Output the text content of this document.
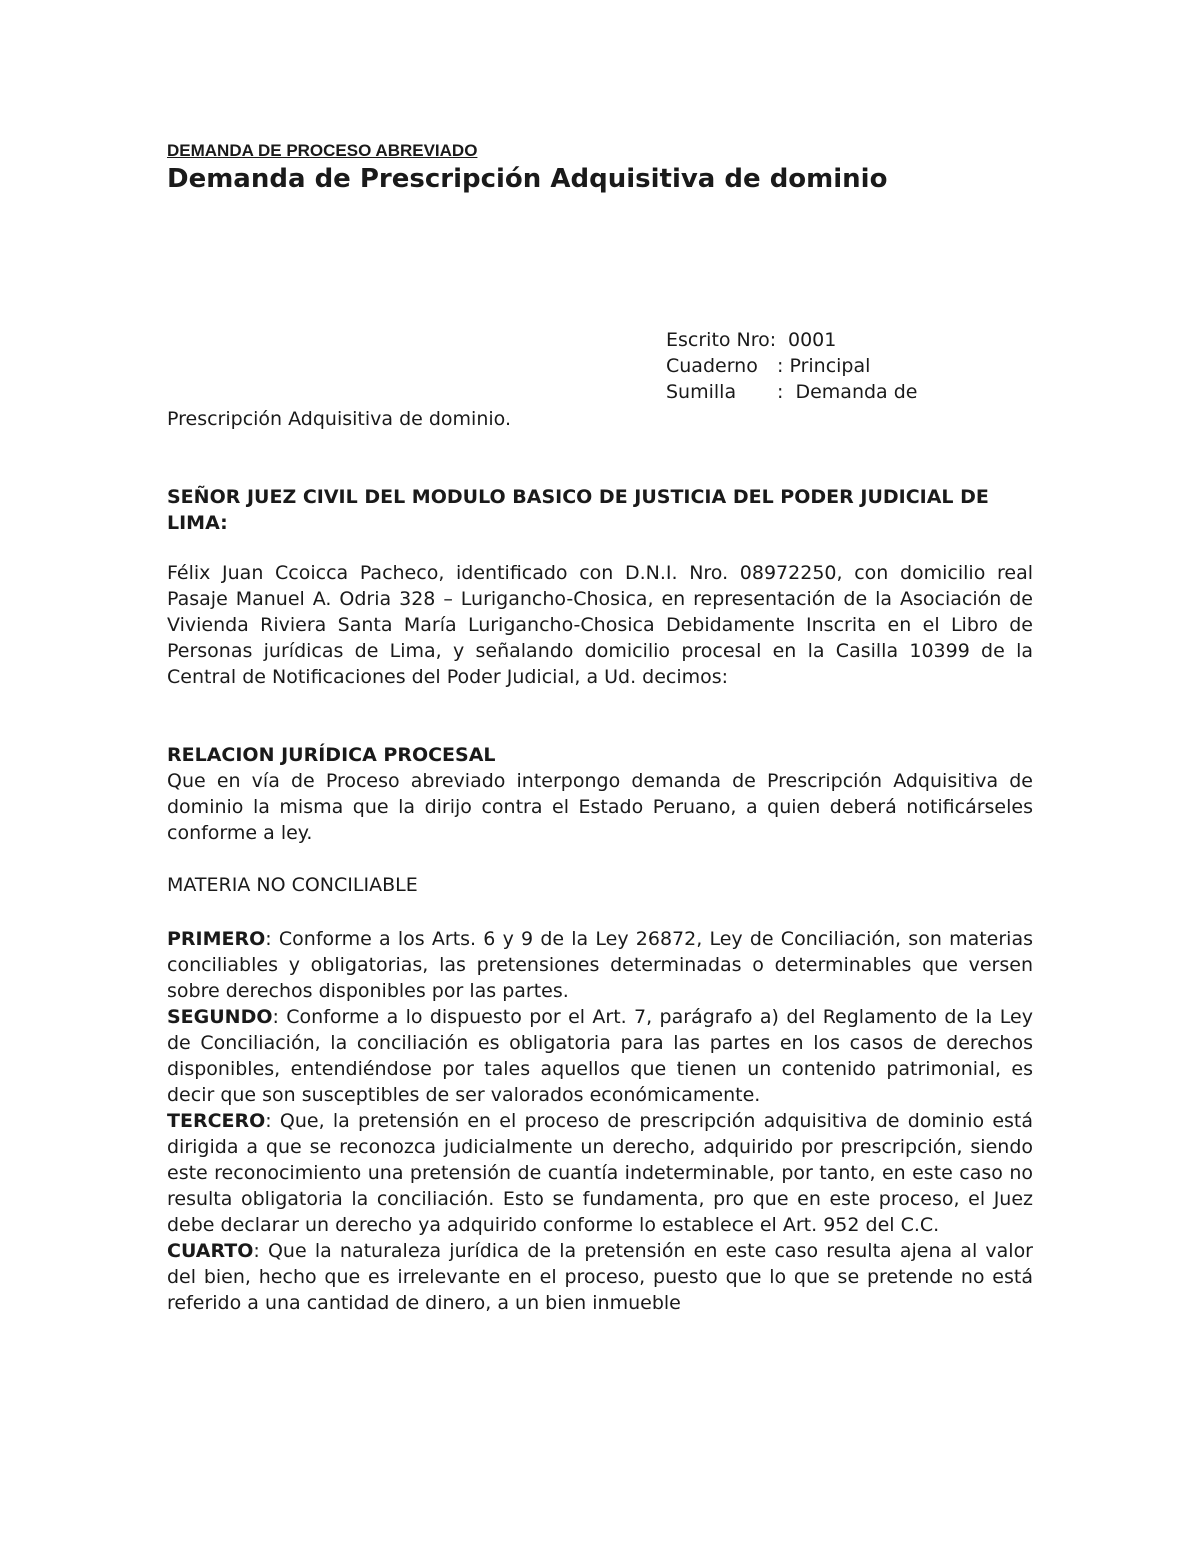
DEMANDA DE PROCESO ABREVIADO
Demanda de Prescripción Adquisitiva de dominio
Escrito Nro: 0001
Cuaderno : Principal
Sumilla :  Demanda de
Prescripción Adquisitiva de dominio.
SEÑOR JUEZ CIVIL DEL MODULO BASICO DE JUSTICIA DEL PODER JUDICIAL DE LIMA:
Félix Juan Ccoicca Pacheco, identificado con D.N.I. Nro. 08972250, con domicilio real Pasaje Manuel A. Odria 328 – Lurigancho-Chosica, en representación de la Asociación de Vivienda Riviera Santa María Lurigancho-Chosica Debidamente Inscrita en el Libro de Personas jurídicas de Lima, y señalando domicilio procesal en la Casilla 10399 de la Central de Notificaciones del Poder Judicial, a Ud. decimos:
RELACION JURÍDICA PROCESAL
Que en vía de Proceso abreviado interpongo demanda de Prescripción Adquisitiva de dominio la misma que la dirijo contra el Estado Peruano, a quien deberá notificárseles conforme a ley.
MATERIA NO CONCILIABLE

PRIMERO: Conforme a los Arts. 6 y 9 de la Ley 26872, Ley de Conciliación, son materias conciliables y obligatorias, las pretensiones determinadas o determinables que versen sobre derechos disponibles por las partes.

SEGUNDO: Conforme a lo dispuesto por el Art. 7, parágrafo a) del Reglamento de la Ley de Conciliación, la conciliación es obligatoria para las partes en los casos de derechos disponibles, entendiéndose por tales aquellos que tienen un contenido patrimonial, es decir que son susceptibles de ser valorados económicamente.

TERCERO: Que, la pretensión en el proceso de prescripción adquisitiva de dominio está dirigida a que se reconozca judicialmente un derecho, adquirido por prescripción, siendo este reconocimiento una pretensión de cuantía indeterminable, por tanto, en este caso no resulta obligatoria la conciliación. Esto se fundamenta, pro que en este proceso, el Juez debe declarar un derecho ya adquirido conforme lo establece el Art. 952 del C.C.

CUARTO: Que la naturaleza jurídica de la pretensión en este caso resulta ajena al valor del bien, hecho que es irrelevante en el proceso, puesto que lo que se pretende no está referido a una cantidad de dinero, a un bien inmueble
